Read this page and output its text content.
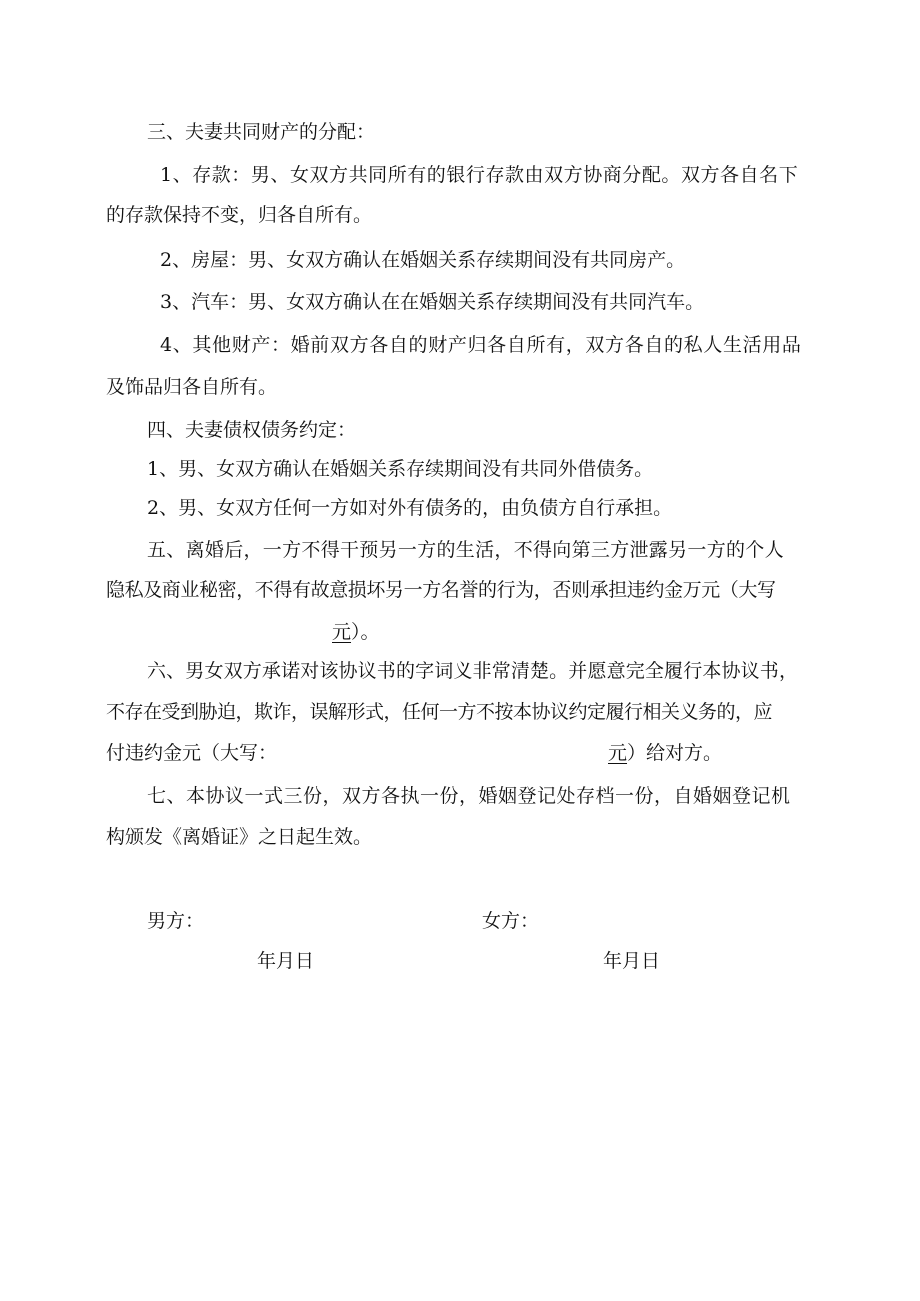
三、夫妻共同财产的分配：
1、存款：男、女双方共同所有的银行存款由双方协商分配。双方各自名下
的存款保持不变，归各自所有。
2、房屋：男、女双方确认在婚姻关系存续期间没有共同房产。
3、汽车：男、女双方确认在在婚姻关系存续期间没有共同汽车。
4、其他财产：婚前双方各自的财产归各自所有，双方各自的私人生活用品
及饰品归各自所有。
四、夫妻债权债务约定：
1、男、女双方确认在婚姻关系存续期间没有共同外借债务。
2、男、女双方任何一方如对外有债务的，由负债方自行承担。
五、离婚后，一方不得干预另一方的生活，不得向第三方泄露另一方的个人
隐私及商业秘密，不得有故意损坏另一方名誉的行为，否则承担违约金万元（大写
元）。
六、男女双方承诺对该协议书的字词义非常清楚。并愿意完全履行本协议书，
不存在受到胁迫，欺诈，误解形式，任何一方不按本协议约定履行相关义务的，应
付违约金元（大写：	元）给对方。
七、本协议一式三份，双方各执一份，婚姻登记处存档一份，自婚姻登记机
构颁发《离婚证》之日起生效。
男方：	女方：
年月日	年月日
